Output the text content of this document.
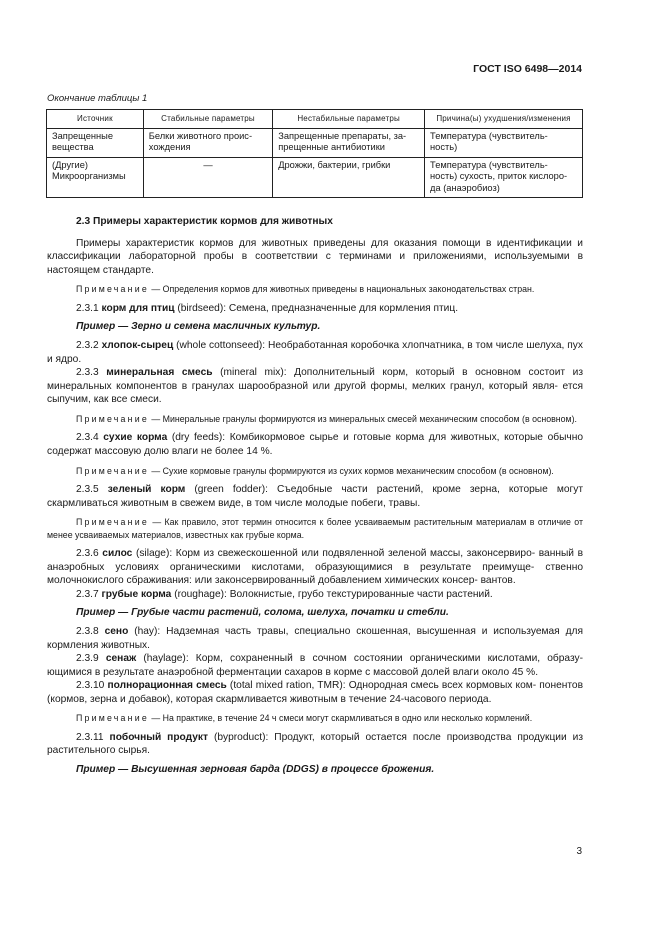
ГОСТ ISO 6498—2014
Окончание таблицы 1
Источник	Стабильные параметры	Нестабильные параметры	Причина(ы) ухудшения/изменения
Запрещенные вещества	Белки животного проис- хождения	Запрещенные препараты, за- прещенные антибиотики	Температура (чувствитель- ность)
(Другие) Микроорганизмы	—	Дрожжи, бактерии, грибки	Температура (чувствитель- ность) сухость, приток кислоро- да (анаэробиоз)

2.3 Примеры характеристик кормов для животных

Примеры характеристик кормов для животных приведены для оказания помощи в идентификации и классификации лабораторной пробы в соответствии с терминами и приложениями, используемыми в настоящем стандарте.

Примечание — Определения кормов для животных приведены в национальных законодательствах стран.

2.3.1 корм для птиц (birdseed): Семена, предназначенные для кормления птиц.

Пример — Зерно и семена масличных культур.

2.3.2 хлопок-сырец (whole cottonseed): Необработанная коробочка хлопчатника, в том числе шелуха, пух и ядро.

2.3.3 минеральная смесь (mineral mix): Дополнительный корм, который в основном состоит из минеральных компонентов в гранулах шарообразной или другой формы, мелких гранул, который явля- ется сыпучим, как все смеси.

Примечание — Минеральные гранулы формируются из минеральных смесей механическим способом (в основном).

2.3.4 сухие корма (dry feeds): Комбикормовое сырье и готовые корма для животных, которые обычно содержат массовую долю влаги не более 14 %.

Примечание — Сухие кормовые гранулы формируются из сухих кормов механическим способом (в основном).

2.3.5 зеленый корм (green fodder): Съедобные части растений, кроме зерна, которые могут скармливаться животным в свежем виде, в том числе молодые побеги, травы.

Примечание — Как правило, этот термин относится к более усваиваемым растительным материалам в отличие от менее усваиваемых материалов, известных как грубые корма.

2.3.6 силос (silage): Корм из свежескошенной или подвяленной зеленой массы, законсервиро- ванный в анаэробных условиях органическими кислотами, образующимися в результате преимуще- ственно молочнокислого сбраживания: или законсервированный добавлением химических консер- вантов.

2.3.7 грубые корма (roughage): Волокнистые, грубо текстурированные части растений.

Пример — Грубые части растений, солома, шелуха, початки и стебли.

2.3.8 сено (hay): Надземная часть травы, специально скошенная, высушенная и используемая для кормления животных.

2.3.9 сенаж (haylage): Корм, сохраненный в сочном состоянии органическими кислотами, образу- ющимися в результате анаэробной ферментации сахаров в корме с массовой долей влаги около 45 %.

2.3.10 полнорационная смесь (total mixed ration, TMR): Однородная смесь всех кормовых ком- понентов (кормов, зерна и добавок), которая скармливается животным в течение 24-часового периода.

Примечание — На практике, в течение 24 ч смеси могут скармливаться в одно или несколько кормлений.

2.3.11 побочный продукт (byproduct): Продукт, который остается после производства продукции из растительного сырья.

Пример — Высушенная зерновая барда (DDGS) в процессе брожения.

3
